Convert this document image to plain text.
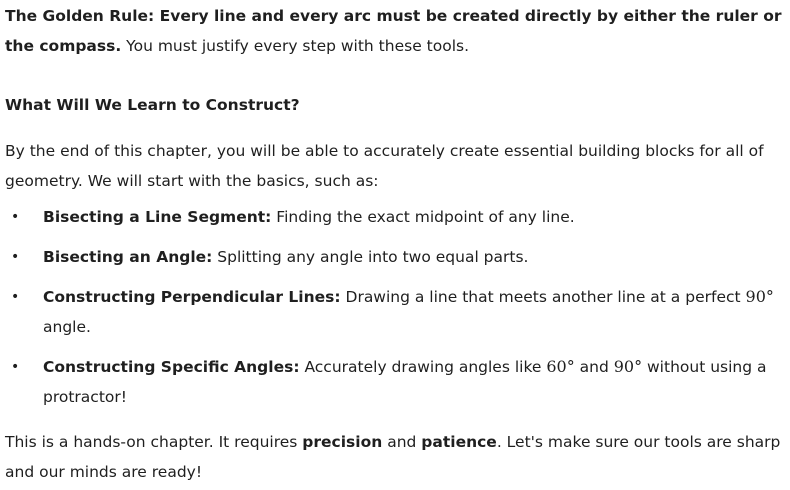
The Golden Rule: Every line and every arc must be created directly by either the ruler or the compass. You must justify every step with these tools.

What Will We Learn to Construct?

By the end of this chapter, you will be able to accurately create essential building blocks for all of geometry. We will start with the basics, such as:

• Bisecting a Line Segment: Finding the exact midpoint of any line.
• Bisecting an Angle: Splitting any angle into two equal parts.
• Constructing Perpendicular Lines: Drawing a line that meets another line at a perfect 90° angle.
• Constructing Specific Angles: Accurately drawing angles like 60° and 90° without using a protractor!

This is a hands-on chapter. It requires precision and patience. Let's make sure our tools are sharp and our minds are ready!
